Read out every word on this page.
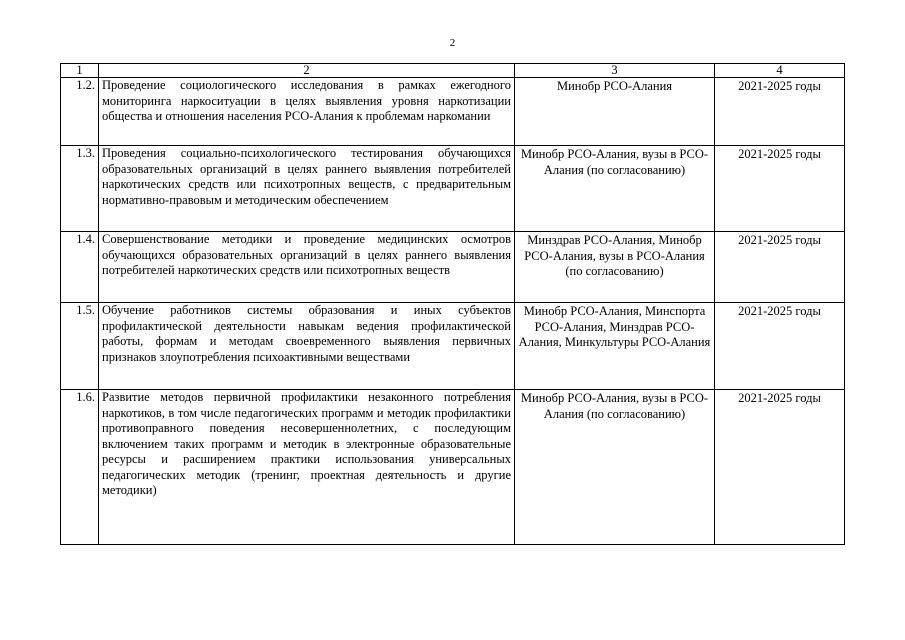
2
1	2	3	4
1.2.	Проведение социологического исследования в рамках ежегодного мониторинга наркоситуации в целях выявления уровня наркотизации общества и отношения населения РСО-Алания к проблемам наркомании	Минобр РСО-Алания	2021-2025 годы
1.3.	Проведения социально-психологического тестирования обучающихся образовательных организаций в целях раннего выявления потребителей наркотических средств или психотропных веществ, с предварительным нормативно-правовым и методическим обеспечением	Минобр РСО-Алания, вузы в РСО-Алания (по согласованию)	2021-2025 годы
1.4.	Совершенствование методики и проведение медицинских осмотров обучающихся образовательных организаций в целях раннего выявления потребителей наркотических средств или психотропных веществ	Минздрав РСО-Алания, Минобр РСО-Алания, вузы в РСО-Алания (по согласованию)	2021-2025 годы
1.5.	Обучение работников системы образования и иных субъектов профилактической деятельности навыкам ведения профилактической работы, формам и методам своевременного выявления первичных признаков злоупотребления психоактивными веществами	Минобр РСО-Алания, Минспорта РСО-Алания, Минздрав РСО-Алания, Минкультуры РСО-Алания	2021-2025 годы
1.6.	Развитие методов первичной профилактики незаконного потребления наркотиков, в том числе педагогических программ и методик профилактики противоправного поведения несовершеннолетних, с последующим включением таких программ и методик в электронные образовательные ресурсы и расширением практики использования универсальных педагогических методик (тренинг, проектная деятельность и другие методики)	Минобр РСО-Алания, вузы в РСО-Алания (по согласованию)	2021-2025 годы
